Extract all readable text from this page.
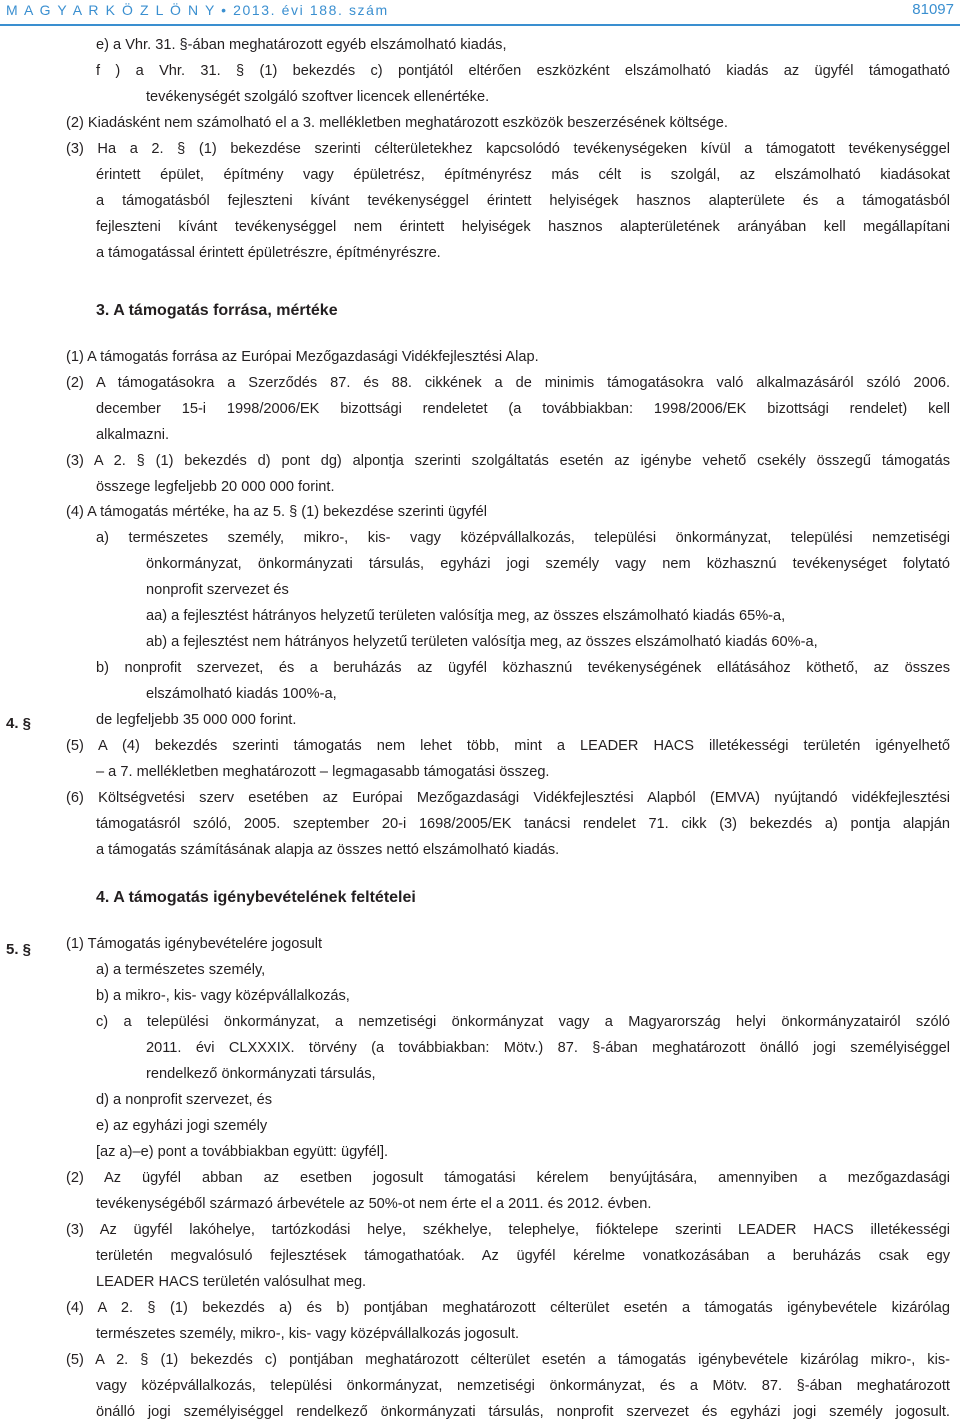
M A G Y A R K Ö Z L Ö N Y • 2013. évi 188. szám	81097
3. A támogatás forrása, mértéke
4. §
4. A támogatás igénybevételének feltételei
5. §
e) a Vhr. 31. §-ában meghatározott egyéb elszámolható kiadás,
f ) a Vhr. 31. § (1) bekezdés c) pontjától eltérően eszközként elszámolható kiadás az ügyfél támogatható
tevékenységét szolgáló szoftver licencek ellenértéke.
(2) Kiadásként nem számolható el a 3. mellékletben meghatározott eszközök beszerzésének költsége.
(3) Ha a 2. § (1) bekezdése szerinti célterületekhez kapcsolódó tevékenységeken kívül a támogatott tevékenységgel
érintett épület, építmény vagy épületrész, építményrész más célt is szolgál, az elszámolható kiadásokat
a támogatásból fejleszteni kívánt tevékenységgel érintett helyiségek hasznos alapterülete és a támogatásból
fejleszteni kívánt tevékenységgel nem érintett helyiségek hasznos alapterületének arányában kell megállapítani
a támogatással érintett épületrészre, építményrészre.
(1) A támogatás forrása az Európai Mezőgazdasági Vidékfejlesztési Alap.
(2) A támogatásokra a Szerződés 87. és 88. cikkének a de minimis támogatásokra való alkalmazásáról szóló 2006.
december 15-i 1998/2006/EK bizottsági rendeletet (a továbbiakban: 1998/2006/EK bizottsági rendelet) kell
alkalmazni.
(3) A 2. § (1) bekezdés d) pont dg) alpontja szerinti szolgáltatás esetén az igénybe vehető csekély összegű támogatás
összege legfeljebb 20 000 000 forint.
(4) A támogatás mértéke, ha az 5. § (1) bekezdése szerinti ügyfél
a) természetes személy, mikro-, kis- vagy középvállalkozás, települési önkormányzat, települési nemzetiségi
önkormányzat, önkormányzati társulás, egyházi jogi személy vagy nem közhasznú tevékenységet folytató
nonprofit szervezet és
aa) a fejlesztést hátrányos helyzetű területen valósítja meg, az összes elszámolható kiadás 65%-a,
ab) a fejlesztést nem hátrányos helyzetű területen valósítja meg, az összes elszámolható kiadás 60%-a,
b) nonprofit szervezet, és a beruházás az ügyfél közhasznú tevékenységének ellátásához köthető, az összes
elszámolható kiadás 100%-a,
de legfeljebb 35 000 000 forint.
(5) A (4) bekezdés szerinti támogatás nem lehet több, mint a LEADER HACS illetékességi területén igényelhető
– a 7. mellékletben meghatározott – legmagasabb támogatási összeg.
(6) Költségvetési szerv esetében az Európai Mezőgazdasági Vidékfejlesztési Alapból (EMVA) nyújtandó vidékfejlesztési
támogatásról szóló, 2005. szeptember 20-i 1698/2005/EK tanácsi rendelet 71. cikk (3) bekezdés a) pontja alapján
a támogatás számításának alapja az összes nettó elszámolható kiadás.
(1) Támogatás igénybevételére jogosult
a) a természetes személy,
b) a mikro-, kis- vagy középvállalkozás,
c) a települési önkormányzat, a nemzetiségi önkormányzat vagy a Magyarország helyi önkormányzatairól szóló
2011. évi CLXXXIX. törvény (a továbbiakban: Mötv.) 87. §-ában meghatározott önálló jogi személyiséggel
rendelkező önkormányzati társulás,
d) a nonprofit szervezet, és
e) az egyházi jogi személy
[az a)–e) pont a továbbiakban együtt: ügyfél].
(2) Az ügyfél abban az esetben jogosult támogatási kérelem benyújtására, amennyiben a mezőgazdasági
tevékenységéből származó árbevétele az 50%-ot nem érte el a 2011. és 2012. évben.
(3) Az ügyfél lakóhelye, tartózkodási helye, székhelye, telephelye, fióktelepe szerinti LEADER HACS illetékességi
területén megvalósuló fejlesztések támogathatóak. Az ügyfél kérelme vonatkozásában a beruházás csak egy
LEADER HACS területén valósulhat meg.
(4) A 2. § (1) bekezdés a) és b) pontjában meghatározott célterület esetén a támogatás igénybevétele kizárólag
természetes személy, mikro-, kis- vagy középvállalkozás jogosult.
(5) A 2. § (1) bekezdés c) pontjában meghatározott célterület esetén a támogatás igénybevétele kizárólag mikro-, kis-
vagy középvállalkozás, települési önkormányzat, nemzetiségi önkormányzat, és a Mötv. 87. §-ában meghatározott
önálló jogi személyiséggel rendelkező önkormányzati társulás, nonprofit szervezet és egyházi jogi személy jogosult.
